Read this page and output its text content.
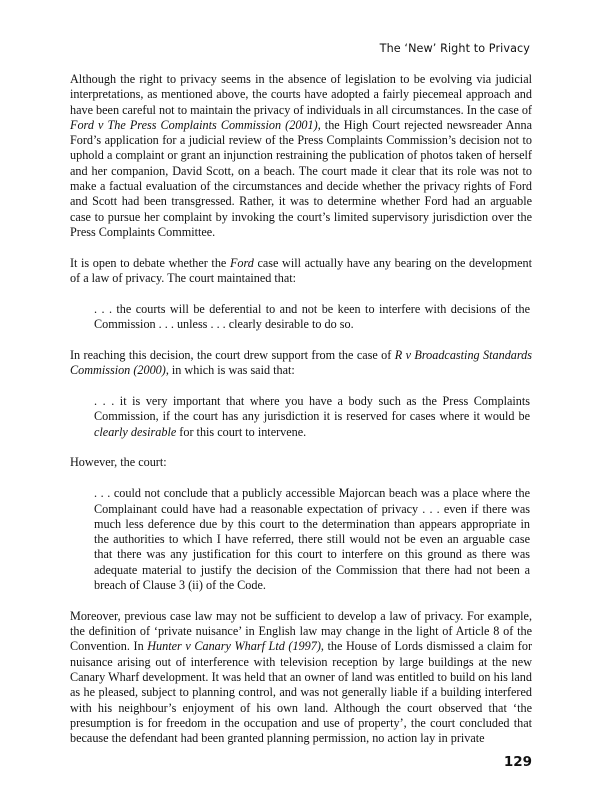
The ‘New’ Right to Privacy

Although the right to privacy seems in the absence of legislation to be evolving via judicial interpretations, as mentioned above, the courts have adopted a fairly piecemeal approach and have been careful not to maintain the privacy of individuals in all circumstances. In the case of Ford v The Press Complaints Commission (2001), the High Court rejected newsreader Anna Ford’s application for a judicial review of the Press Complaints Commission’s decision not to uphold a complaint or grant an injunction restraining the publication of photos taken of herself and her companion, David Scott, on a beach. The court made it clear that its role was not to make a factual evaluation of the circumstances and decide whether the privacy rights of Ford and Scott had been transgressed. Rather, it was to determine whether Ford had an arguable case to pursue her complaint by invoking the court’s limited supervisory jurisdiction over the Press Complaints Committee.

It is open to debate whether the Ford case will actually have any bearing on the development of a law of privacy. The court maintained that:

. . . the courts will be deferential to and not be keen to interfere with decisions of the Commission . . . unless . . . clearly desirable to do so.

In reaching this decision, the court drew support from the case of R v Broadcasting Standards Commission (2000), in which is was said that:

. . . it is very important that where you have a body such as the Press Complaints Commission, if the court has any jurisdiction it is reserved for cases where it would be clearly desirable for this court to intervene.

However, the court:

. . . could not conclude that a publicly accessible Majorcan beach was a place where the Complainant could have had a reasonable expectation of privacy . . . even if there was much less deference due by this court to the determination than appears appropriate in the authorities to which I have referred, there still would not be even an arguable case that there was any justification for this court to interfere on this ground as there was adequate material to justify the decision of the Commission that there had not been a breach of Clause 3 (ii) of the Code.

Moreover, previous case law may not be sufficient to develop a law of privacy. For example, the definition of ‘private nuisance’ in English law may change in the light of Article 8 of the Convention. In Hunter v Canary Wharf Ltd (1997), the House of Lords dismissed a claim for nuisance arising out of interference with television reception by large buildings at the new Canary Wharf development. It was held that an owner of land was entitled to build on his land as he pleased, subject to planning control, and was not generally liable if a building interfered with his neighbour’s enjoyment of his own land. Although the court observed that ‘the presumption is for freedom in the occupation and use of property’, the court concluded that because the defendant had been granted planning permission, no action lay in private

129
